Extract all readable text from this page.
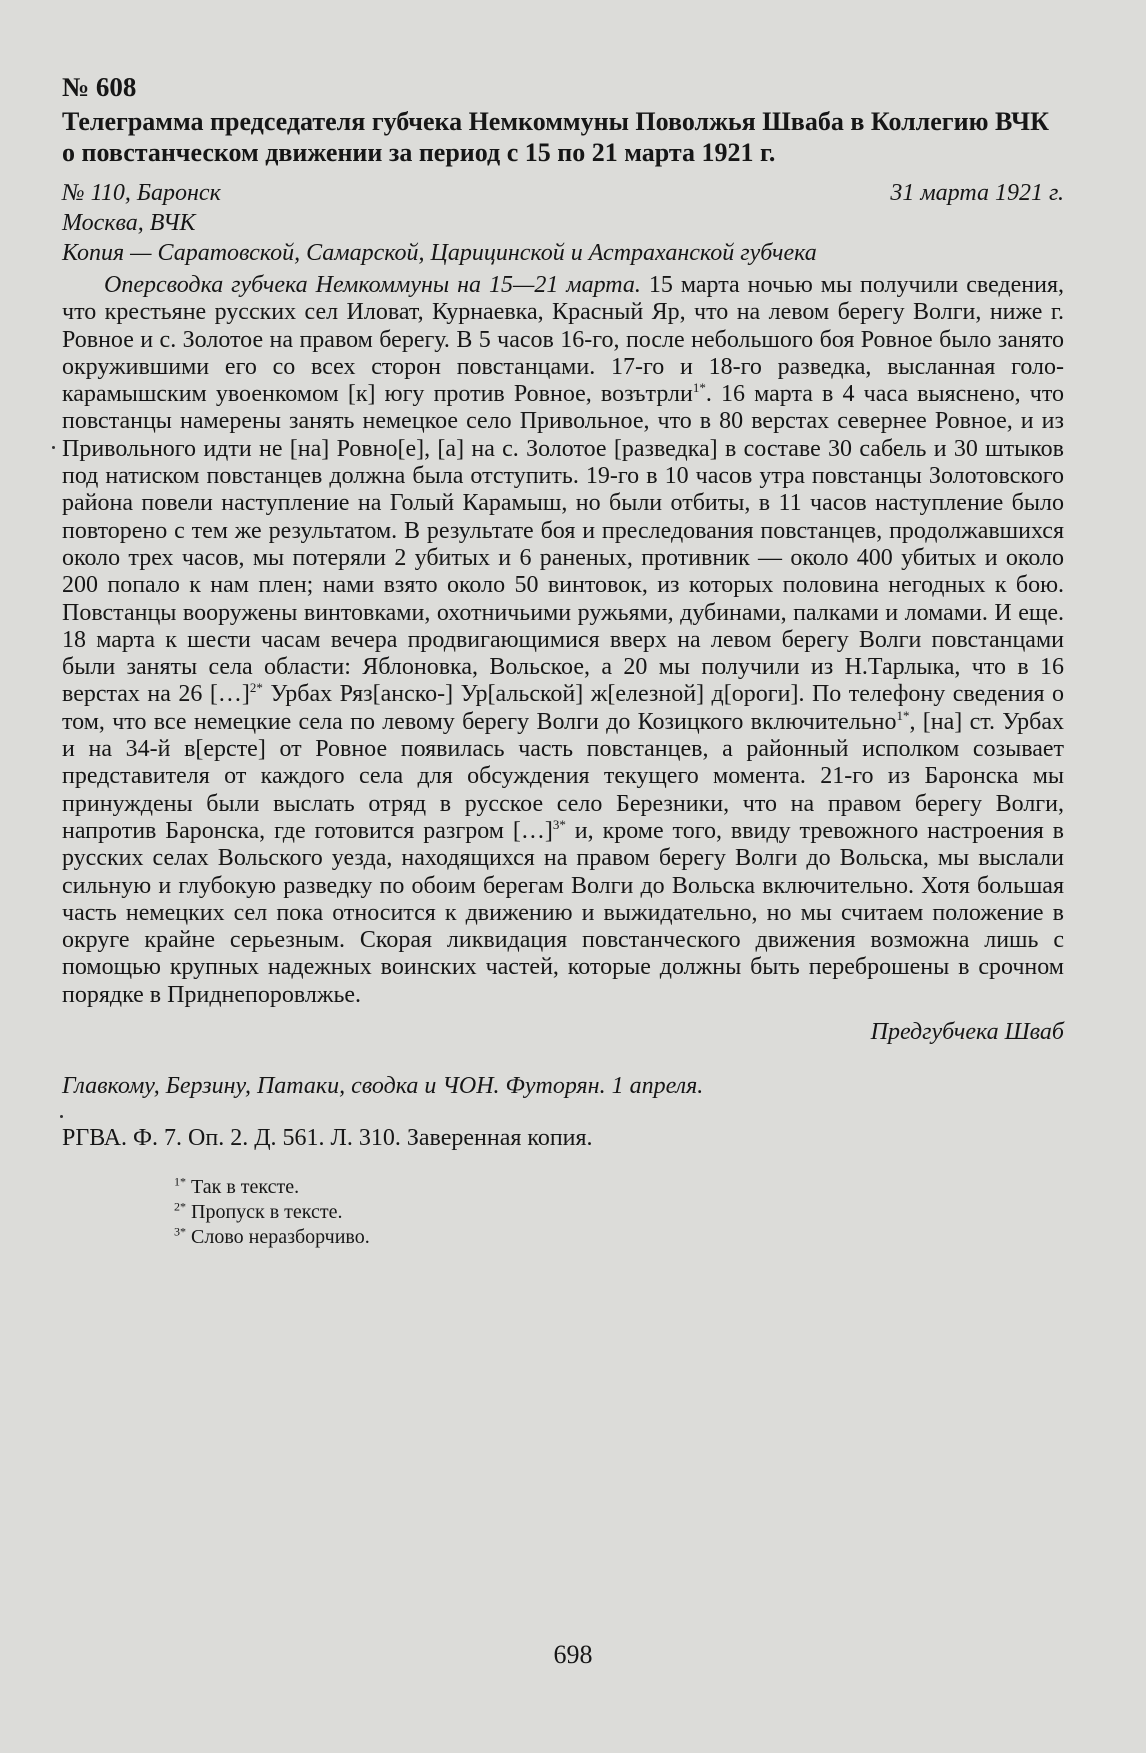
№ 608

Телеграмма председателя губчека Немкоммуны Поволжья Шваба в Коллегию ВЧК о повстанческом движении за период с 15 по 21 марта 1921 г.

№ 110, Баронск	31 марта 1921 г.
Москва, ВЧК
Копия — Саратовской, Самарской, Царицинской и Астраханской губчека

Оперсводка губчека Немкоммуны на 15—21 марта. 15 марта ночью мы получили сведения, что крестьяне русских сел Иловат, Курнаевка, Красный Яр, что на левом берегу Волги, ниже г. Ровное и с. Золотое на правом берегу. В 5 часов 16-го, после небольшого боя Ровное было занято окружившими его со всех сторон повстанцами. 17-го и 18-го разведка, высланная голо-карамышским увоенкомом [к] югу против Ровное, возътрли$^{1*}$. 16 марта в 4 часа выяснено, что повстанцы намерены занять немецкое село Привольное, что в 80 верстах севернее Ровное, и из Привольного идти не [на] Ровно[е], [а] на с. Золотое [разведка] в составе 30 сабель и 30 штыков под натиском повстанцев должна была отступить. 19-го в 10 часов утра повстанцы Золотовского района повели наступление на Голый Карамыш, но были отбиты, в 11 часов наступление было повторено с тем же результатом. В результате боя и преследования повстанцев, продолжавшихся около трех часов, мы потеряли 2 убитых и 6 раненых, противник — около 400 убитых и около 200 попало к нам плен; нами взято около 50 винтовок, из которых половина негодных к бою. Повстанцы вооружены винтовками, охотничьими ружьями, дубинами, палками и ломами. И еще. 18 марта к шести часам вечера продвигающимися вверх на левом берегу Волги повстанцами были заняты села области: Яблоновка, Вольское, а 20 мы получили из Н.Тарлыка, что в 16 верстах на 26 […]$^{2*}$ Урбах Ряз[анско-] Ур[альской] ж[елезной] д[ороги]. По телефону сведения о том, что все немецкие села по левому берегу Волги до Козицкого включительно$^{1*}$, [на] ст. Урбах и на 34-й в[ерсте] от Ровное появилась часть повстанцев, а районный исполком созывает представителя от каждого села для обсуждения текущего момента. 21-го из Баронска мы принуждены были выслать отряд в русское село Березники, что на правом берегу Волги, напротив Баронска, где готовится разгром […]$^{3*}$ и, кроме того, ввиду тревожного настроения в русских селах Вольского уезда, находящихся на правом берегу Волги до Вольска, мы выслали сильную и глубокую разведку по обоим берегам Волги до Вольска включительно. Хотя большая часть немецких сел пока относится к движению и выжидательно, но мы считаем положение в округе крайне серьезным. Скорая ликвидация повстанческого движения возможна лишь с помощью крупных надежных воинских частей, которые должны быть переброшены в срочном порядке в Приднепоровлжье.

Предгубчека Шваб
Главкому, Берзину, Патаки, сводка и ЧОН. Футорян. 1 апреля.
РГВА. Ф. 7. Оп. 2. Д. 561. Л. 310. Заверенная копия.
$^{1*}$ Так в тексте.
$^{2*}$ Пропуск в тексте.
$^{3*}$ Слово неразборчиво.
698
